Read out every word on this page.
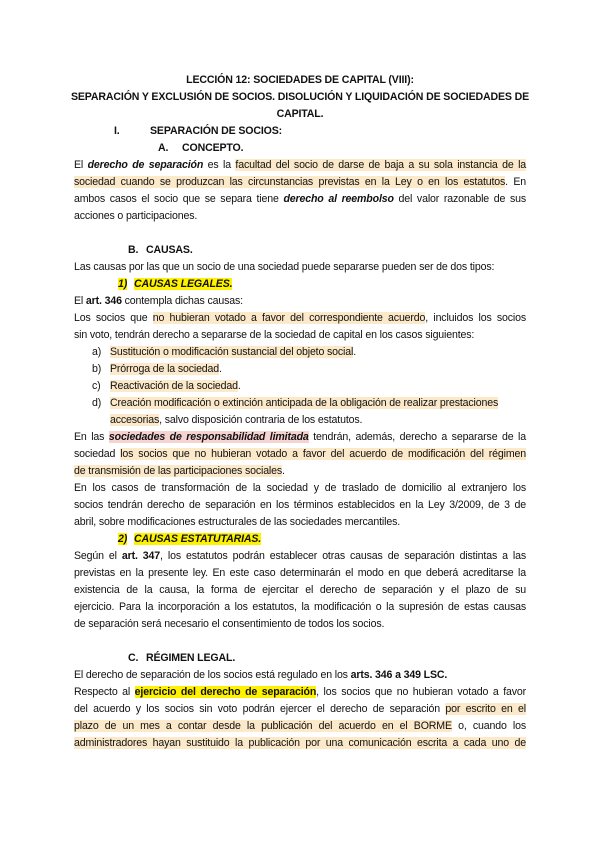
LECCIÓN 12: SOCIEDADES DE CAPITAL (VIII):
SEPARACIÓN Y EXCLUSIÓN DE SOCIOS. DISOLUCIÓN Y LIQUIDACIÓN DE SOCIEDADES DE
CAPITAL.
I.	SEPARACIÓN DE SOCIOS:
A. CONCEPTO.
El derecho de separación es la facultad del socio de darse de baja a su sola instancia de la
sociedad cuando se produzcan las circunstancias previstas en la Ley o en los estatutos. En
ambos casos el socio que se separa tiene derecho al reembolso del valor razonable de sus
acciones o participaciones.
B. CAUSAS.
Las causas por las que un socio de una sociedad puede separarse pueden ser de dos tipos:
1) CAUSAS LEGALES.
El art. 346 contempla dichas causas:
Los socios que no hubieran votado a favor del correspondiente acuerdo, incluidos los socios
sin voto, tendrán derecho a separarse de la sociedad de capital en los casos siguientes:
a) Sustitución o modificación sustancial del objeto social.
b) Prórroga de la sociedad.
c) Reactivación de la sociedad.
d) Creación modificación o extinción anticipada de la obligación de realizar prestaciones
accesorias, salvo disposición contraria de los estatutos.
En las sociedades de responsabilidad limitada tendrán, además, derecho a separarse de la
sociedad los socios que no hubieran votado a favor del acuerdo de modificación del régimen
de transmisión de las participaciones sociales.
En los casos de transformación de la sociedad y de traslado de domicilio al extranjero los
socios tendrán derecho de separación en los términos establecidos en la Ley 3/2009, de 3 de
abril, sobre modificaciones estructurales de las sociedades mercantiles.
2) CAUSAS ESTATUTARIAS.
Según el art. 347, los estatutos podrán establecer otras causas de separación distintas a las
previstas en la presente ley. En este caso determinarán el modo en que deberá acreditarse la
existencia de la causa, la forma de ejercitar el derecho de separación y el plazo de su
ejercicio. Para la incorporación a los estatutos, la modificación o la supresión de estas causas
de separación será necesario el consentimiento de todos los socios.
C. RÉGIMEN LEGAL.
El derecho de separación de los socios está regulado en los arts. 346 a 349 LSC.
Respecto al ejercicio del derecho de separación, los socios que no hubieran votado a favor
del acuerdo y los socios sin voto podrán ejercer el derecho de separación por escrito en el
plazo de un mes a contar desde la publicación del acuerdo en el BORME o, cuando los
administradores hayan sustituido la publicación por una comunicación escrita a cada uno de
